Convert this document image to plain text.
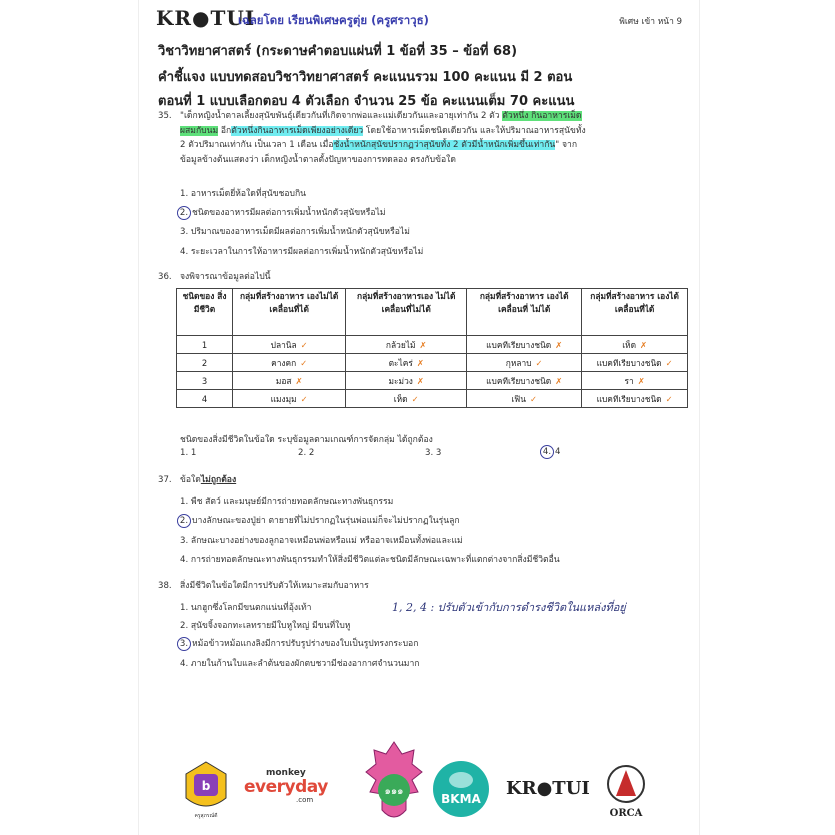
KR●TUI
เฉลยโดย เรียนพิเศษครูตุ่ย (ครูศราวุธ)	พิเศษ เข้า หน้า 9
วิชาวิทยาศาสตร์ (กระดาษคำตอบแผ่นที่ 1 ข้อที่ 35 – ข้อที่ 68)
คำชี้แจง แบบทดสอบวิชาวิทยาศาสตร์ คะแนนรวม 100 คะแนน มี 2 ตอน
ตอนที่ 1 แบบเลือกตอบ 4 ตัวเลือก จำนวน 25 ข้อ คะแนนเต็ม 70 คะแนน
35. "เด็กหญิงน้ำตาลเลี้ยงสุนัขพันธุ์เดียวกันที่เกิดจากพ่อและแม่เดียวกันและอายุเท่ากัน 2 ตัว ตัวหนึ่ง กินอาหารเม็ด
ผสมกับนม อีกตัวหนึ่งกินอาหารเม็ดเพียงอย่างเดียว โดยใช้อาหารเม็ดชนิดเดียวกัน และให้ปริมาณอาหารสุนัขทั้ง
2 ตัวปริมาณเท่ากัน เป็นเวลา 1 เดือน เมื่อชั่งน้ำหนักสุนัขปรากฏว่าสุนัขทั้ง 2 ตัวมีน้ำหนักเพิ่มขึ้นเท่ากัน" จาก
ข้อมูลข้างต้นแสดงว่า เด็กหญิงน้ำตาลตั้งปัญหาของการทดลอง ตรงกับข้อใด
1. อาหารเม็ดยี่ห้อใดที่สุนัขชอบกิน
2. ชนิดของอาหารมีผลต่อการเพิ่มน้ำหนักตัวสุนัขหรือไม่
3. ปริมาณของอาหารเม็ดมีผลต่อการเพิ่มน้ำหนักตัวสุนัขหรือไม่
4. ระยะเวลาในการให้อาหารมีผลต่อการเพิ่มน้ำหนักตัวสุนัขหรือไม่
36. จงพิจารณาข้อมูลต่อไปนี้
ชนิดของ สิ่งมีชีวิต	กลุ่มที่สร้างอาหาร เองไม่ได้ เคลื่อนที่ได้	กลุ่มที่สร้างอาหารเอง ไม่ได้ เคลื่อนที่ไม่ได้	กลุ่มที่สร้างอาหาร เองได้ เคลื่อนที่ ไม่ได้	กลุ่มที่สร้างอาหาร เองได้ เคลื่อนที่ได้
1	ปลานิล ✓	กล้วยไม้ ✗	แบคทีเรียบางชนิด ✗	เห็ด ✗
2	คางคก ✓	ตะไคร่ ✗	กุหลาบ ✓	แบคทีเรียบางชนิด ✓
3	มอส ✗	มะม่วง ✗	แบคทีเรียบางชนิด ✗	รา ✗
4	แมงมุม ✓	เห็ด ✓	เฟิน ✓	แบคทีเรียบางชนิด ✓
ชนิดของสิ่งมีชีวิตในข้อใด ระบุข้อมูลตามเกณฑ์การจัดกลุ่ม ได้ถูกต้อง
1. 1	2. 2	3. 3	4. 4
37. ข้อใดไม่ถูกต้อง
1. พืช สัตว์ และมนุษย์มีการถ่ายทอดลักษณะทางพันธุกรรม
2. บางลักษณะของปู่ย่า ตายายที่ไม่ปรากฏในรุ่นพ่อแม่ก็จะไม่ปรากฏในรุ่นลูก
3. ลักษณะบางอย่างของลูกอาจเหมือนพ่อหรือแม่ หรืออาจเหมือนทั้งพ่อและแม่
4. การถ่ายทอดลักษณะทางพันธุกรรมทำให้สิ่งมีชีวิตแต่ละชนิดมีลักษณะเฉพาะที่แตกต่างจากสิ่งมีชีวิตอื่น
38. สิ่งมีชีวิตในข้อใดมีการปรับตัวให้เหมาะสมกับอาหาร
1. นกฮูกซึ่งโลกมีขนตกแน่นที่อุ้งเท้า
2. สุนัขจิ้งจอกทะเลทรายมีใบหูใหญ่ มีขนที่ใบหู
3. หม้อข้าวหม้อแกงลิงมีการปรับรูปร่างของใบเป็นรูปทรงกระบอก
4. ภายในก้านใบและลำต้นของผักตบชวามีช่องอากาศจำนวนมาก
1, 2, 4 : ปรับตัวเข้ากับการดำรงชีวิตในแหล่งที่อยู่
b
ครูสุภรณ์ดี
monkey
everyday
.com
๑๑๑
BKMA	KR●TUI
ORCA
